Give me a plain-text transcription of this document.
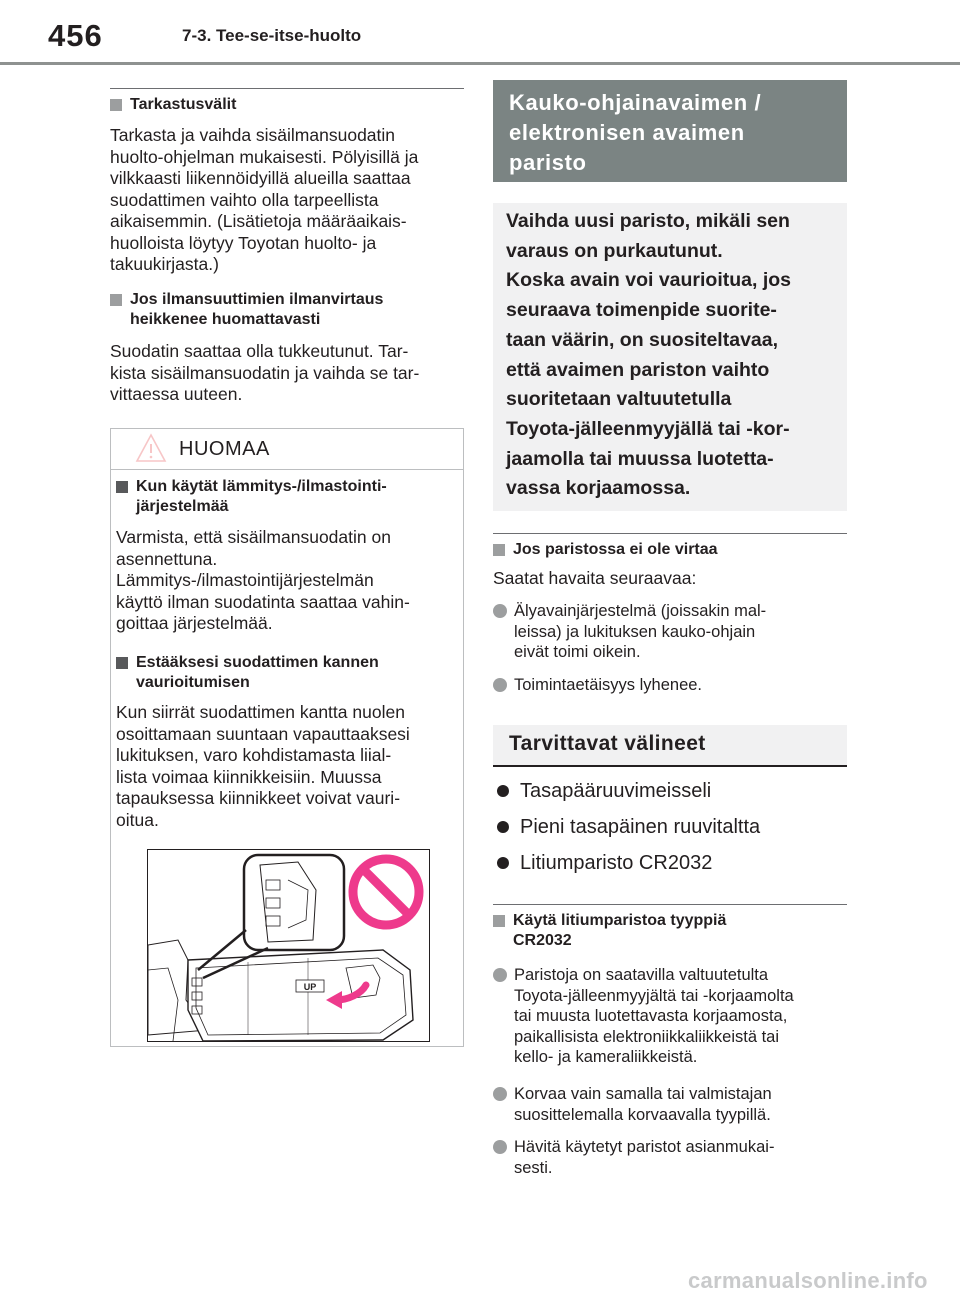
456	7-3. Tee-se-itse-huolto
Tarkastusvälit
Tarkasta ja vaihda sisäilmansuodatin
huolto-ohjelman mukaisesti. Pölyisillä ja
vilkkaasti liikennöidyillä alueilla saattaa
suodattimen vaihto olla tarpeellista
aikaisemmin. (Lisätietoja määräaikais-
huolloista löytyy Toyotan huolto- ja
takuukirjasta.)
Jos ilmansuuttimien ilmanvirtaus
heikkenee huomattavasti
Suodatin saattaa olla tukkeutunut. Tar-
kista sisäilmansuodatin ja vaihda se tar-
vittaessa uuteen.
HUOMAA
Kun käytät lämmitys-/ilmastointi-
järjestelmää
Varmista, että sisäilmansuodatin on
asennettuna.
Lämmitys-/ilmastointijärjestelmän
käyttö ilman suodatinta saattaa vahin-
goittaa järjestelmää.
Estääksesi suodattimen kannen
vaurioitumisen
Kun siirrät suodattimen kantta nuolen
osoittamaan suuntaan vapauttaaksesi
lukituksen, varo kohdistamasta liial-
lista voimaa kiinnikkeisiin. Muussa
tapauksessa kiinnikkeet voivat vauri-
oitua.
UP
Kauko-ohjainavaimen /
elektronisen avaimen
paristo
Vaihda uusi paristo, mikäli sen
varaus on purkautunut.
Koska avain voi vaurioitua, jos
seuraava toimenpide suorite-
taan väärin, on suositeltavaa,
että avaimen pariston vaihto
suoritetaan valtuutetulla
Toyota-jälleenmyyjällä tai -kor-
jaamolla tai muussa luotetta-
vassa korjaamossa.
Jos paristossa ei ole virtaa
Saatat havaita seuraavaa:
Älyavainjärjestelmä (joissakin mal-
leissa) ja lukituksen kauko-ohjain
eivät toimi oikein.
Toimintaetäisyys lyhenee.
Tarvittavat välineet
Tasapääruuvimeisseli
Pieni tasapäinen ruuvitaltta
Litiumparisto CR2032
Käytä litiumparistoa tyyppiä
CR2032
Paristoja on saatavilla valtuutetulta
Toyota-jälleenmyyjältä tai -korjaamolta
tai muusta luotettavasta korjaamosta,
paikallisista elektroniikkaliikkeistä tai
kello- ja kameraliikkeistä.
Korvaa vain samalla tai valmistajan
suosittelemalla korvaavalla tyypillä.
Hävitä käytetyt paristot asianmukai-
sesti.
carmanualsonline.info
